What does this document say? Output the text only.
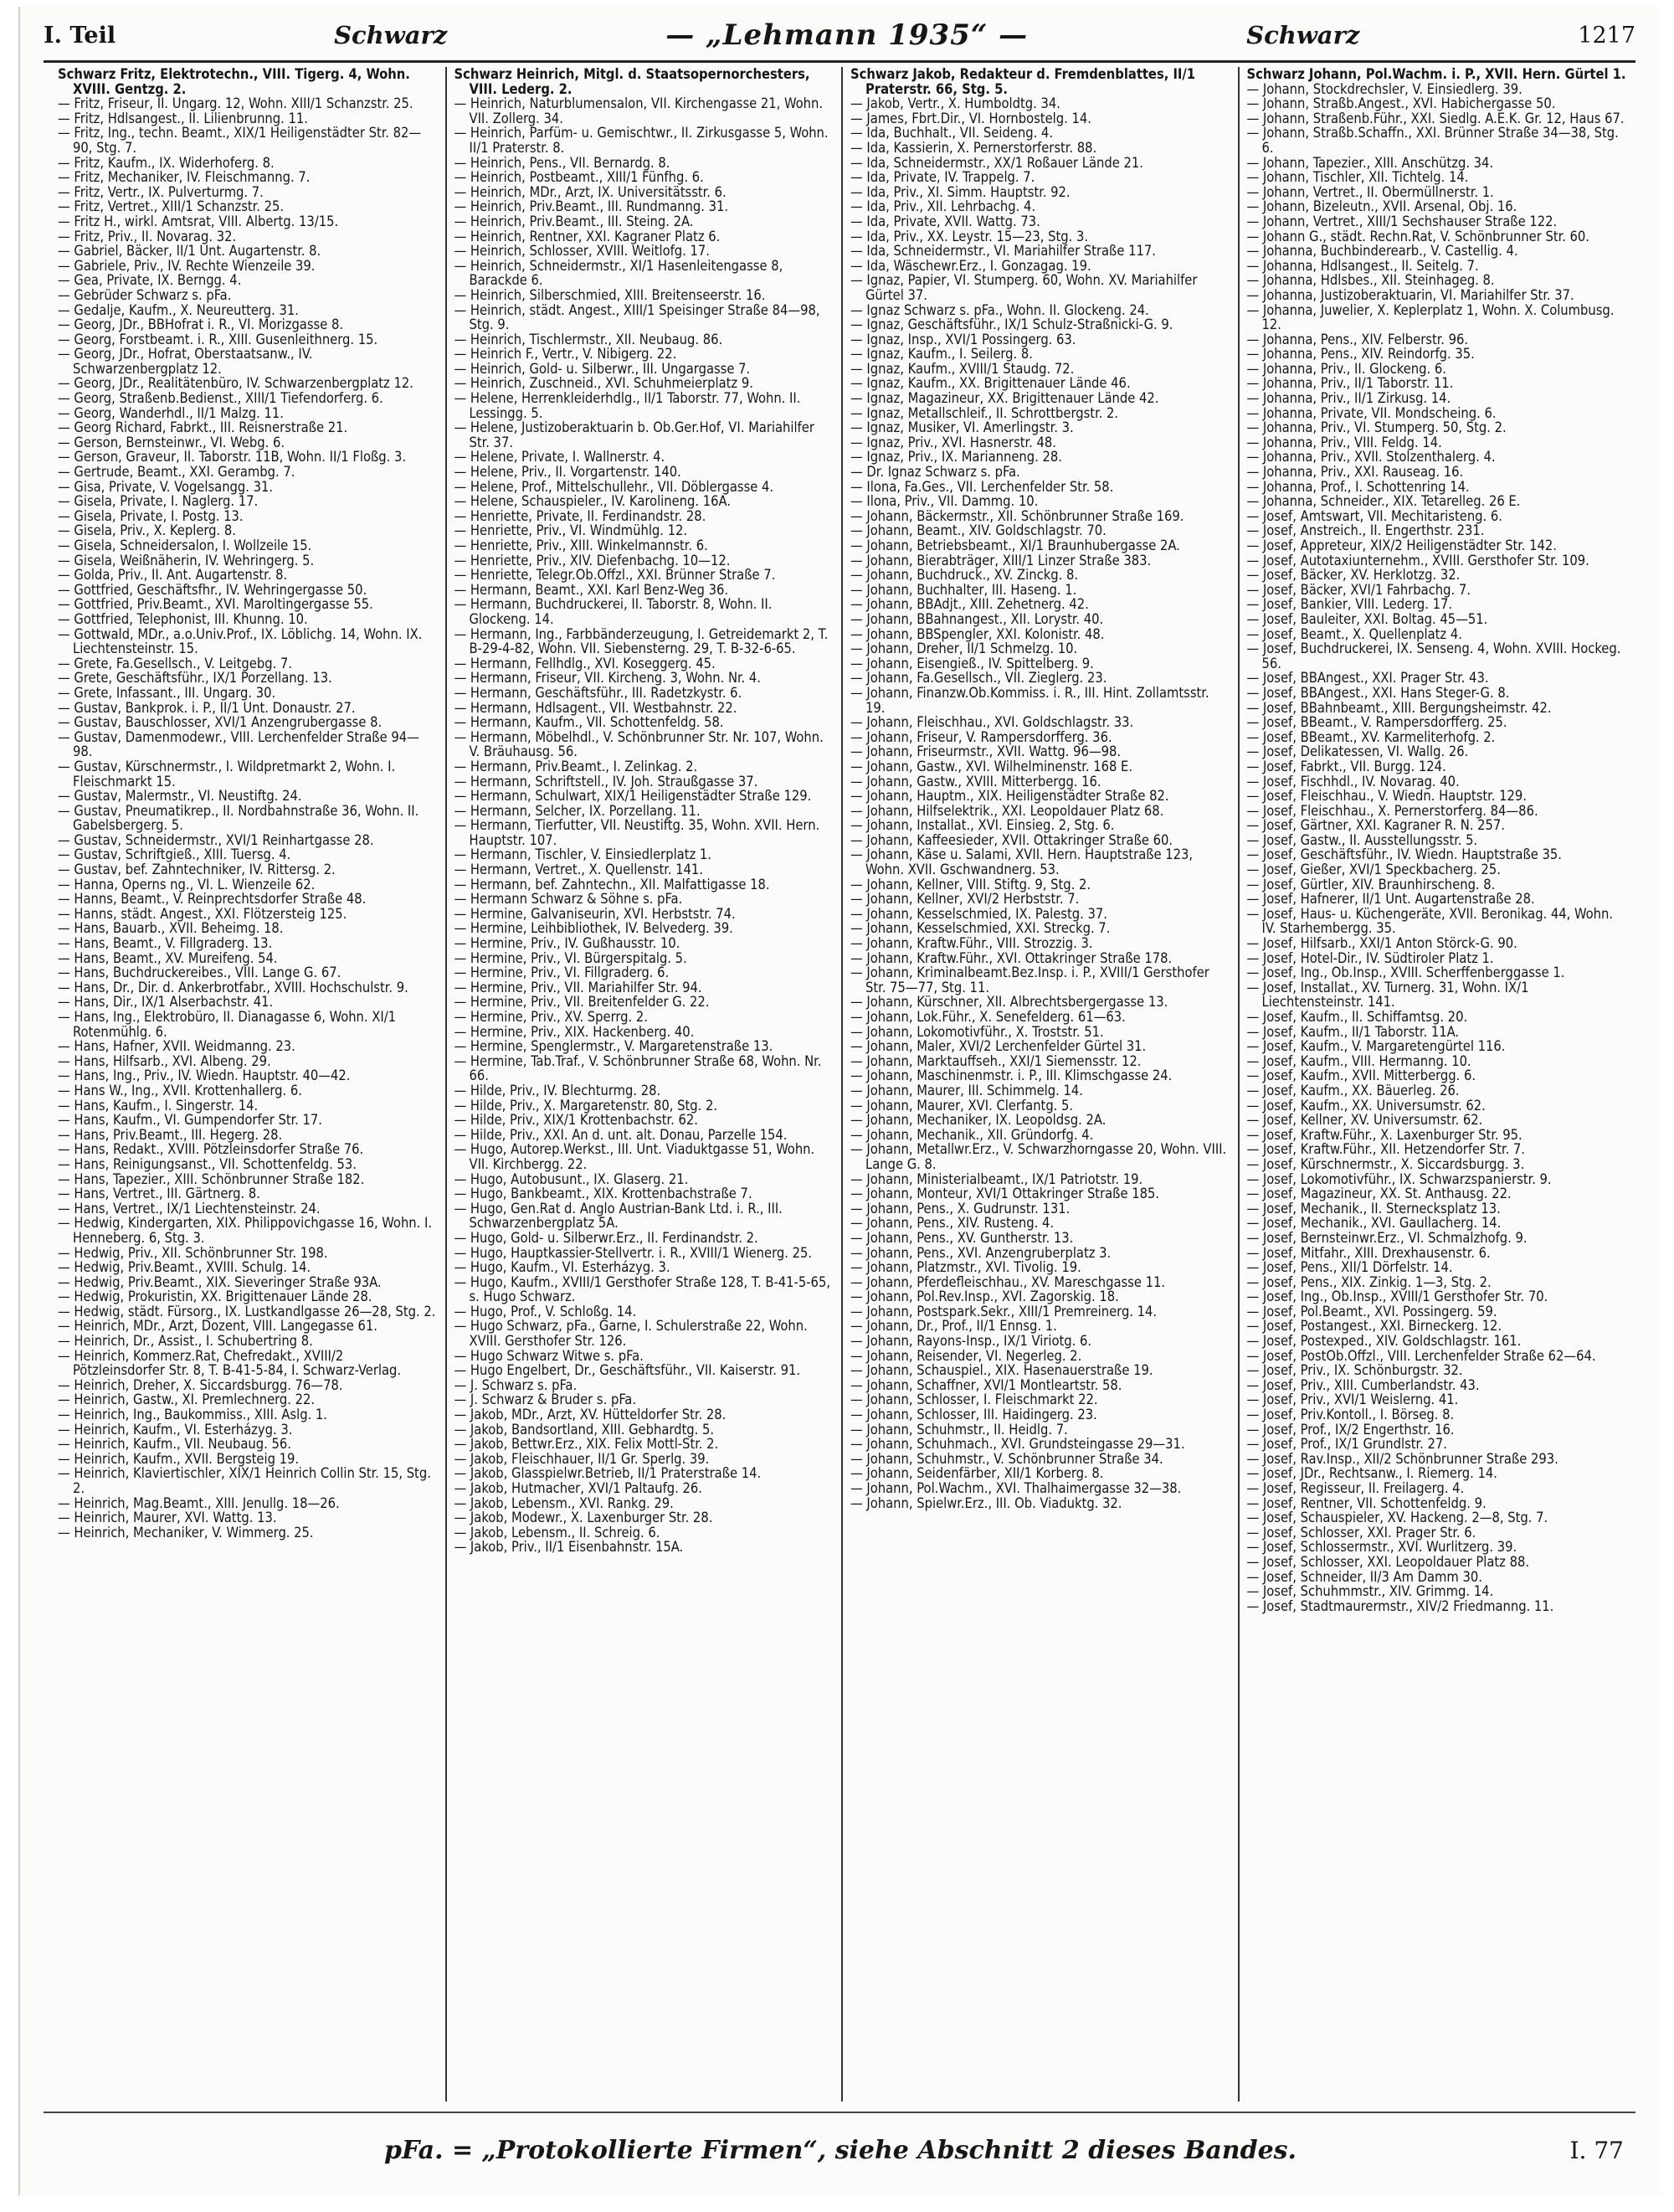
I. Teil	Schwarz	— „Lehmann 1935“ —	Schwarz	1217
Schwarz Fritz, Elektrotechn., VIII. Tigerg. 4, Wohn. XVIII. Gentzg. 2.
— Fritz, Friseur, II. Ungarg. 12, Wohn. XIII/1 Schanzstr. 25.
— Fritz, Hdlsangest., II. Lilienbrunng. 11.
— Fritz, Ing., techn. Beamt., XIX/1 Heiligenstädter Str. 82—90, Stg. 7.
— Fritz, Kaufm., IX. Widerhoferg. 8.
— Fritz, Mechaniker, IV. Fleischmanng. 7.
— Fritz, Vertr., IX. Pulverturmg. 7.
— Fritz, Vertret., XIII/1 Schanzstr. 25.
— Fritz H., wirkl. Amtsrat, VIII. Albertg. 13/15.
— Fritz, Priv., II. Novarag. 32.
— Gabriel, Bäcker, II/1 Unt. Augartenstr. 8.
— Gabriele, Priv., IV. Rechte Wienzeile 39.
— Gea, Private, IX. Berngg. 4.
— Gebrüder Schwarz s. pFa.
— Gedalje, Kaufm., X. Neureutterg. 31.
— Georg, JDr., BBHofrat i. R., VI. Morizgasse 8.
— Georg, Forstbeamt. i. R., XIII. Gusenleithnerg. 15.
— Georg, JDr., Hofrat, Oberstaatsanw., IV. Schwarzenbergplatz 12.
— Georg, JDr., Realitätenbüro, IV. Schwarzenbergplatz 12.
— Georg, Straßenb.Bedienst., XIII/1 Tiefendorferg. 6.
— Georg, Wanderhdl., II/1 Malzg. 11.
— Georg Richard, Fabrkt., III. Reisnerstraße 21.
— Gerson, Bernsteinwr., VI. Webg. 6.
— Gerson, Graveur, II. Taborstr. 11B, Wohn. II/1 Floßg. 3.
— Gertrude, Beamt., XXI. Gerambg. 7.
— Gisa, Private, V. Vogelsangg. 31.
— Gisela, Private, I. Naglerg. 17.
— Gisela, Private, I. Postg. 13.
— Gisela, Priv., X. Keplerg. 8.
— Gisela, Schneidersalon, I. Wollzeile 15.
— Gisela, Weißnäherin, IV. Wehringerg. 5.
— Golda, Priv., II. Ant. Augartenstr. 8.
— Gottfried, Geschäftsfhr., IV. Wehringergasse 50.
— Gottfried, Priv.Beamt., XVI. Maroltingergasse 55.
— Gottfried, Telephonist, III. Khunng. 10.
— Gottwald, MDr., a.o.Univ.Prof., IX. Löblichg. 14, Wohn. IX. Liechtensteinstr. 15.
— Grete, Fa.Gesellsch., V. Leitgebg. 7.
— Grete, Geschäftsführ., IX/1 Porzellang. 13.
— Grete, Infassant., III. Ungarg. 30.
— Gustav, Bankprok. i. P., II/1 Unt. Donaustr. 27.
— Gustav, Bauschlosser, XVI/1 Anzengrubergasse 8.
— Gustav, Damenmodewr., VIII. Lerchenfelder Straße 94—98.
— Gustav, Kürschnermstr., I. Wildpretmarkt 2, Wohn. I. Fleischmarkt 15.
— Gustav, Malermstr., VI. Neustiftg. 24.
— Gustav, Pneumatikrep., II. Nordbahnstraße 36, Wohn. II. Gabelsbergerg. 5.
— Gustav, Schneidermstr., XVI/1 Reinhartgasse 28.
— Gustav, Schriftgieß., XIII. Tuersg. 4.
— Gustav, bef. Zahntechniker, IV. Rittersg. 2.
— Hanna, Operns ng., VI. L. Wienzeile 62.
— Hanns, Beamt., V. Reinprechtsdorfer Straße 48.
— Hanns, städt. Angest., XXI. Flötzersteig 125.
— Hans, Bauarb., XVII. Beheimg. 18.
— Hans, Beamt., V. Fillgraderg. 13.
— Hans, Beamt., XV. Mureifeng. 54.
— Hans, Buchdruckereibes., VIII. Lange G. 67.
— Hans, Dr., Dir. d. Ankerbrotfabr., XVIII. Hochschulstr. 9.
— Hans, Dir., IX/1 Alserbachstr. 41.
— Hans, Ing., Elektrobüro, II. Dianagasse 6, Wohn. XI/1 Rotenmühlg. 6.
— Hans, Hafner, XVII. Weidmanng. 23.
— Hans, Hilfsarb., XVI. Albeng. 29.
— Hans, Ing., Priv., IV. Wiedn. Hauptstr. 40—42.
— Hans W., Ing., XVII. Krottenhallerg. 6.
— Hans, Kaufm., I. Singerstr. 14.
— Hans, Kaufm., VI. Gumpendorfer Str. 17.
— Hans, Priv.Beamt., III. Hegerg. 28.
— Hans, Redakt., XVIII. Pötzleinsdorfer Straße 76.
— Hans, Reinigungsanst., VII. Schottenfeldg. 53.
— Hans, Tapezier., XIII. Schönbrunner Straße 182.
— Hans, Vertret., III. Gärtnerg. 8.
— Hans, Vertret., IX/1 Liechtensteinstr. 24.
— Hedwig, Kindergarten, XIX. Philippovichgasse 16, Wohn. I. Henneberg. 6, Stg. 3.
— Hedwig, Priv., XII. Schönbrunner Str. 198.
— Hedwig, Priv.Beamt., XVIII. Schulg. 14.
— Hedwig, Priv.Beamt., XIX. Sieveringer Straße 93A.
— Hedwig, Prokuristin, XX. Brigittenauer Lände 28.
— Hedwig, städt. Fürsorg., IX. Lustkandlgasse 26—28, Stg. 2.
— Heinrich, MDr., Arzt, Dozent, VIII. Langegasse 61.
— Heinrich, Dr., Assist., I. Schubertring 8.
— Heinrich, Kommerz.Rat, Chefredakt., XVIII/2 Pötzleinsdorfer Str. 8, T. B-41-5-84, I. Schwarz-Verlag.
— Heinrich, Dreher, X. Siccardsburgg. 76—78.
— Heinrich, Gastw., XI. Premlechnerg. 22.
— Heinrich, Ing., Baukommiss., XIII. Aslg. 1.
— Heinrich, Kaufm., VI. Esterházyg. 3.
— Heinrich, Kaufm., VII. Neubaug. 56.
— Heinrich, Kaufm., XVII. Bergsteig 19.
— Heinrich, Klaviertischler, XIX/1 Heinrich Collin Str. 15, Stg. 2.
— Heinrich, Mag.Beamt., XIII. Jenullg. 18—26.
— Heinrich, Maurer, XVI. Wattg. 13.
— Heinrich, Mechaniker, V. Wimmerg. 25.
Schwarz Heinrich, Mitgl. d. Staatsopernorchesters, VIII. Lederg. 2.
— Heinrich, Naturblumensalon, VII. Kirchengasse 21, Wohn. VII. Zollerg. 34.
— Heinrich, Parfüm- u. Gemischtwr., II. Zirkusgasse 5, Wohn. II/1 Praterstr. 8.
— Heinrich, Pens., VII. Bernardg. 8.
— Heinrich, Postbeamt., XIII/1 Fünfhg. 6.
— Heinrich, MDr., Arzt, IX. Universitätsstr. 6.
— Heinrich, Priv.Beamt., III. Rundmanng. 31.
— Heinrich, Priv.Beamt., III. Steing. 2A.
— Heinrich, Rentner, XXI. Kagraner Platz 6.
— Heinrich, Schlosser, XVIII. Weitlofg. 17.
— Heinrich, Schneidermstr., XI/1 Hasenleitengasse 8, Barackde 6.
— Heinrich, Silberschmied, XIII. Breitenseerstr. 16.
— Heinrich, städt. Angest., XIII/1 Speisinger Straße 84—98, Stg. 9.
— Heinrich, Tischlermstr., XII. Neubaug. 86.
— Heinrich F., Vertr., V. Nibigerg. 22.
— Heinrich, Gold- u. Silberwr., III. Ungargasse 7.
— Heinrich, Zuschneid., XVI. Schuhmeierplatz 9.
— Helene, Herrenkleiderhdlg., II/1 Taborstr. 77, Wohn. II. Lessingg. 5.
— Helene, Justizoberaktuarin b. Ob.Ger.Hof, VI. Mariahilfer Str. 37.
— Helene, Private, I. Wallnerstr. 4.
— Helene, Priv., II. Vorgartenstr. 140.
— Helene, Prof., Mittelschullehr., VII. Döblergasse 4.
— Helene, Schauspieler., IV. Karolineng. 16A.
— Henriette, Private, II. Ferdinandstr. 28.
— Henriette, Priv., VI. Windmühlg. 12.
— Henriette, Priv., XIII. Winkelmannstr. 6.
— Henriette, Priv., XIV. Diefenbachg. 10—12.
— Henriette, Telegr.Ob.Offzl., XXI. Brünner Straße 7.
— Hermann, Beamt., XXI. Karl Benz-Weg 36.
— Hermann, Buchdruckerei, II. Taborstr. 8, Wohn. II. Glockeng. 14.
— Hermann, Ing., Farbbänderzeugung, I. Getreidemarkt 2, T. B-29-4-82, Wohn. VII. Siebensterng. 29, T. B-32-6-65.
— Hermann, Fellhdlg., XVI. Koseggerg. 45.
— Hermann, Friseur, VII. Kircheng. 3, Wohn. Nr. 4.
— Hermann, Geschäftsführ., III. Radetzkystr. 6.
— Hermann, Hdlsagent., VII. Westbahnstr. 22.
— Hermann, Kaufm., VII. Schottenfeldg. 58.
— Hermann, Möbelhdl., V. Schönbrunner Str. Nr. 107, Wohn. V. Bräuhausg. 56.
— Hermann, Priv.Beamt., I. Zelinkag. 2.
— Hermann, Schriftstell., IV. Joh. Straußgasse 37.
— Hermann, Schulwart, XIX/1 Heiligenstädter Straße 129.
— Hermann, Selcher, IX. Porzellang. 11.
— Hermann, Tierfutter, VII. Neustiftg. 35, Wohn. XVII. Hern. Hauptstr. 107.
— Hermann, Tischler, V. Einsiedlerplatz 1.
— Hermann, Vertret., X. Quellenstr. 141.
— Hermann, bef. Zahntechn., XII. Malfattigasse 18.
— Hermann Schwarz & Söhne s. pFa.
— Hermine, Galvaniseurin, XVI. Herbststr. 74.
— Hermine, Leihbibliothek, IV. Belvederg. 39.
— Hermine, Priv., IV. Gußhausstr. 10.
— Hermine, Priv., VI. Bürgerspitalg. 5.
— Hermine, Priv., VI. Fillgraderg. 6.
— Hermine, Priv., VII. Mariahilfer Str. 94.
— Hermine, Priv., VII. Breitenfelder G. 22.
— Hermine, Priv., XV. Sperrg. 2.
— Hermine, Priv., XIX. Hackenberg. 40.
— Hermine, Spenglermstr., V. Margaretenstraße 13.
— Hermine, Tab.Traf., V. Schönbrunner Straße 68, Wohn. Nr. 66.
— Hilde, Priv., IV. Blechturmg. 28.
— Hilde, Priv., X. Margaretenstr. 80, Stg. 2.
— Hilde, Priv., XIX/1 Krottenbachstr. 62.
— Hilde, Priv., XXI. An d. unt. alt. Donau, Parzelle 154.
— Hugo, Autorep.Werkst., III. Unt. Viaduktgasse 51, Wohn. VII. Kirchbergg. 22.
— Hugo, Autobusunt., IX. Glaserg. 21.
— Hugo, Bankbeamt., XIX. Krottenbachstraße 7.
— Hugo, Gen.Rat d. Anglo Austrian-Bank Ltd. i. R., III. Schwarzenbergplatz 5A.
— Hugo, Gold- u. Silberwr.Erz., II. Ferdinandstr. 2.
— Hugo, Hauptkassier-Stellvertr. i. R., XVIII/1 Wienerg. 25.
— Hugo, Kaufm., VI. Esterházyg. 3.
— Hugo, Kaufm., XVIII/1 Gersthofer Straße 128, T. B-41-5-65, s. Hugo Schwarz.
— Hugo, Prof., V. Schloßg. 14.
— Hugo Schwarz, pFa., Garne, I. Schulerstraße 22, Wohn. XVIII. Gersthofer Str. 126.
— Hugo Schwarz Witwe s. pFa.
— Hugo Engelbert, Dr., Geschäftsführ., VII. Kaiserstr. 91.
— J. Schwarz s. pFa.
— J. Schwarz & Bruder s. pFa.
— Jakob, MDr., Arzt, XV. Hütteldorfer Str. 28.
— Jakob, Bandsortland, XIII. Gebhardtg. 5.
— Jakob, Bettwr.Erz., XIX. Felix Mottl-Str. 2.
— Jakob, Fleischhauer, II/1 Gr. Sperlg. 39.
— Jakob, Glasspielwr.Betrieb, II/1 Praterstraße 14.
— Jakob, Hutmacher, XVI/1 Paltaufg. 26.
— Jakob, Lebensm., XVI. Rankg. 29.
— Jakob, Modewr., X. Laxenburger Str. 28.
— Jakob, Lebensm., II. Schreig. 6.
— Jakob, Priv., II/1 Eisenbahnstr. 15A.
Schwarz Jakob, Redakteur d. Fremdenblattes, II/1 Praterstr. 66, Stg. 5.
— Jakob, Vertr., X. Humboldtg. 34.
— James, Fbrt.Dir., VI. Hornbostelg. 14.
— Ida, Buchhalt., VII. Seideng. 4.
— Ida, Kassierin, X. Pernerstorferstr. 88.
— Ida, Schneidermstr., XX/1 Roßauer Lände 21.
— Ida, Private, IV. Trappelg. 7.
— Ida, Priv., XI. Simm. Hauptstr. 92.
— Ida, Priv., XII. Lehrbachg. 4.
— Ida, Private, XVII. Wattg. 73.
— Ida, Priv., XX. Leystr. 15—23, Stg. 3.
— Ida, Schneidermstr., VI. Mariahilfer Straße 117.
— Ida, Wäschewr.Erz., I. Gonzagag. 19.
— Ignaz, Papier, VI. Stumperg. 60, Wohn. XV. Mariahilfer Gürtel 37.
— Ignaz Schwarz s. pFa., Wohn. II. Glockeng. 24.
— Ignaz, Geschäftsführ., IX/1 Schulz-Straßnicki-G. 9.
— Ignaz, Insp., XVI/1 Possingerg. 63.
— Ignaz, Kaufm., I. Seilerg. 8.
— Ignaz, Kaufm., XVIII/1 Staudg. 72.
— Ignaz, Kaufm., XX. Brigittenauer Lände 46.
— Ignaz, Magazineur, XX. Brigittenauer Lände 42.
— Ignaz, Metallschleif., II. Schrottbergstr. 2.
— Ignaz, Musiker, VI. Amerlingstr. 3.
— Ignaz, Priv., XVI. Hasnerstr. 48.
— Ignaz, Priv., IX. Marianneng. 28.
— Dr. Ignaz Schwarz s. pFa.
— Ilona, Fa.Ges., VII. Lerchenfelder Str. 58.
— Ilona, Priv., VII. Dammg. 10.
— Johann, Bäckermstr., XII. Schönbrunner Straße 169.
— Johann, Beamt., XIV. Goldschlagstr. 70.
— Johann, Betriebsbeamt., XI/1 Braunhubergasse 2A.
— Johann, Bierabträger, XIII/1 Linzer Straße 383.
— Johann, Buchdruck., XV. Zinckg. 8.
— Johann, Buchhalter, III. Haseng. 1.
— Johann, BBAdjt., XIII. Zehetnerg. 42.
— Johann, BBahnangest., XII. Lorystr. 40.
— Johann, BBSpengler, XXI. Kolonistr. 48.
— Johann, Dreher, II/1 Schmelzg. 10.
— Johann, Eisengieß., IV. Spittelberg. 9.
— Johann, Fa.Gesellsch., VII. Zieglerg. 23.
— Johann, Finanzw.Ob.Kommiss. i. R., III. Hint. Zollamtsstr. 19.
— Johann, Fleischhau., XVI. Goldschlagstr. 33.
— Johann, Friseur, V. Rampersdorfferg. 36.
— Johann, Friseurmstr., XVII. Wattg. 96—98.
— Johann, Gastw., XVI. Wilhelminenstr. 168 E.
— Johann, Gastw., XVIII. Mitterbergg. 16.
— Johann, Hauptm., XIX. Heiligenstädter Straße 82.
— Johann, Hilfselektrik., XXI. Leopoldauer Platz 68.
— Johann, Installat., XVI. Einsieg. 2, Stg. 6.
— Johann, Kaffeesieder, XVII. Ottakringer Straße 60.
— Johann, Käse u. Salami, XVII. Hern. Hauptstraße 123, Wohn. XVII. Gschwandnerg. 53.
— Johann, Kellner, VIII. Stiftg. 9, Stg. 2.
— Johann, Kellner, XVI/2 Herbststr. 7.
— Johann, Kesselschmied, IX. Palestg. 37.
— Johann, Kesselschmied, XXI. Streckg. 7.
— Johann, Kraftw.Führ., VIII. Strozzig. 3.
— Johann, Kraftw.Führ., XVI. Ottakringer Straße 178.
— Johann, Kriminalbeamt.Bez.Insp. i. P., XVIII/1 Gersthofer Str. 75—77, Stg. 11.
— Johann, Kürschner, XII. Albrechtsbergergasse 13.
— Johann, Lok.Führ., X. Senefelderg. 61—63.
— Johann, Lokomotivführ., X. Troststr. 51.
— Johann, Maler, XVI/2 Lerchenfelder Gürtel 31.
— Johann, Marktauffseh., XXI/1 Siemensstr. 12.
— Johann, Maschinenmstr. i. P., III. Klimschgasse 24.
— Johann, Maurer, III. Schimmelg. 14.
— Johann, Maurer, XVI. Clerfantg. 5.
— Johann, Mechaniker, IX. Leopoldsg. 2A.
— Johann, Mechanik., XII. Gründorfg. 4.
— Johann, Metallwr.Erz., V. Schwarzhorngasse 20, Wohn. VIII. Lange G. 8.
— Johann, Ministerialbeamt., IX/1 Patriotstr. 19.
— Johann, Monteur, XVI/1 Ottakringer Straße 185.
— Johann, Pens., X. Gudrunstr. 131.
— Johann, Pens., XIV. Rusteng. 4.
— Johann, Pens., XV. Guntherstr. 13.
— Johann, Pens., XVI. Anzengruberplatz 3.
— Johann, Platzmstr., XVI. Tivolig. 19.
— Johann, Pferdefleischhau., XV. Mareschgasse 11.
— Johann, Pol.Rev.Insp., XVI. Zagorskig. 18.
— Johann, Postspark.Sekr., XIII/1 Premreinerg. 14.
— Johann, Dr., Prof., II/1 Ennsg. 1.
— Johann, Rayons-Insp., IX/1 Viriotg. 6.
— Johann, Reisender, VI. Negerleg. 2.
— Johann, Schauspiel., XIX. Hasenauerstraße 19.
— Johann, Schaffner, XVI/1 Montleartstr. 58.
— Johann, Schlosser, I. Fleischmarkt 22.
— Johann, Schlosser, III. Haidingerg. 23.
— Johann, Schuhmstr., II. Heidlg. 7.
— Johann, Schuhmach., XVI. Grundsteingasse 29—31.
— Johann, Schuhmstr., V. Schönbrunner Straße 34.
— Johann, Seidenfärber, XII/1 Korberg. 8.
— Johann, Pol.Wachm., XVI. Thalhaimergasse 32—38.
— Johann, Spielwr.Erz., III. Ob. Viaduktg. 32.
Schwarz Johann, Pol.Wachm. i. P., XVII. Hern. Gürtel 1.
— Johann, Stockdrechsler, V. Einsiedlerg. 39.
— Johann, Straßb.Angest., XVI. Habichergasse 50.
— Johann, Straßenb.Führ., XXI. Siedlg. A.E.K. Gr. 12, Haus 67.
— Johann, Straßb.Schaffn., XXI. Brünner Straße 34—38, Stg. 6.
— Johann, Tapezier., XIII. Anschützg. 34.
— Johann, Tischler, XII. Tichtelg. 14.
— Johann, Vertret., II. Obermüllnerstr. 1.
— Johann, Bizeleutn., XVII. Arsenal, Obj. 16.
— Johann, Vertret., XIII/1 Sechshauser Straße 122.
— Johann G., städt. Rechn.Rat, V. Schönbrunner Str. 60.
— Johanna, Buchbinderearb., V. Castellig. 4.
— Johanna, Hdlsangest., II. Seitelg. 7.
— Johanna, Hdlsbes., XII. Steinhageg. 8.
— Johanna, Justizoberaktuarin, VI. Mariahilfer Str. 37.
— Johanna, Juwelier, X. Keplerplatz 1, Wohn. X. Columbusg. 12.
— Johanna, Pens., XIV. Felberstr. 96.
— Johanna, Pens., XIV. Reindorfg. 35.
— Johanna, Priv., II. Glockeng. 6.
— Johanna, Priv., II/1 Taborstr. 11.
— Johanna, Priv., II/1 Zirkusg. 14.
— Johanna, Private, VII. Mondscheing. 6.
— Johanna, Priv., VI. Stumperg. 50, Stg. 2.
— Johanna, Priv., VIII. Feldg. 14.
— Johanna, Priv., XVII. Stolzenthalerg. 4.
— Johanna, Priv., XXI. Rauseag. 16.
— Johanna, Prof., I. Schottenring 14.
— Johanna, Schneider., XIX. Tetarelleg. 26 E.
— Josef, Amtswart, VII. Mechitaristeng. 6.
— Josef, Anstreich., II. Engerthstr. 231.
— Josef, Appreteur, XIX/2 Heiligenstädter Str. 142.
— Josef, Autotaxiunternehm., XVIII. Gersthofer Str. 109.
— Josef, Bäcker, XV. Herklotzg. 32.
— Josef, Bäcker, XVI/1 Fahrbachg. 7.
— Josef, Bankier, VIII. Lederg. 17.
— Josef, Bauleiter, XXI. Boltag. 45—51.
— Josef, Beamt., X. Quellenplatz 4.
— Josef, Buchdruckerei, IX. Senseng. 4, Wohn. XVIII. Hockeg. 56.
— Josef, BBAngest., XXI. Prager Str. 43.
— Josef, BBAngest., XXI. Hans Steger-G. 8.
— Josef, BBahnbeamt., XIII. Bergungsheimstr. 42.
— Josef, BBeamt., V. Rampersdorfferg. 25.
— Josef, BBeamt., XV. Karmeliterhofg. 2.
— Josef, Delikatessen, VI. Wallg. 26.
— Josef, Fabrkt., VII. Burgg. 124.
— Josef, Fischhdl., IV. Novarag. 40.
— Josef, Fleischhau., V. Wiedn. Hauptstr. 129.
— Josef, Fleischhau., X. Pernerstorferg. 84—86.
— Josef, Gärtner, XXI. Kagraner R. N. 257.
— Josef, Gastw., II. Ausstellungsstr. 5.
— Josef, Geschäftsführ., IV. Wiedn. Hauptstraße 35.
— Josef, Gießer, XVI/1 Speckbacherg. 25.
— Josef, Gürtler, XIV. Braunhirscheng. 8.
— Josef, Hafnerer, II/1 Unt. Augartenstraße 28.
— Josef, Haus- u. Küchengeräte, XVII. Beronikag. 44, Wohn. IV. Starhembergg. 35.
— Josef, Hilfsarb., XXI/1 Anton Störck-G. 90.
— Josef, Hotel-Dir., IV. Südtiroler Platz 1.
— Josef, Ing., Ob.Insp., XVIII. Scherffenberggasse 1.
— Josef, Installat., XV. Turnerg. 31, Wohn. IX/1 Liechtensteinstr. 141.
— Josef, Kaufm., II. Schiffamtsg. 20.
— Josef, Kaufm., II/1 Taborstr. 11A.
— Josef, Kaufm., V. Margaretengürtel 116.
— Josef, Kaufm., VIII. Hermanng. 10.
— Josef, Kaufm., XVII. Mitterbergg. 6.
— Josef, Kaufm., XX. Bäuerleg. 26.
— Josef, Kaufm., XX. Universumstr. 62.
— Josef, Kellner, XV. Universumstr. 62.
— Josef, Kraftw.Führ., X. Laxenburger Str. 95.
— Josef, Kraftw.Führ., XII. Hetzendorfer Str. 7.
— Josef, Kürschnermstr., X. Siccardsburgg. 3.
— Josef, Lokomotivführ., IX. Schwarzspanierstr. 9.
— Josef, Magazineur, XX. St. Anthausg. 22.
— Josef, Mechanik., II. Sternecksplatz 13.
— Josef, Mechanik., XVI. Gaullacherg. 14.
— Josef, Bernsteinwr.Erz., VI. Schmalzhofg. 9.
— Josef, Mitfahr., XIII. Drexhausenstr. 6.
— Josef, Pens., XII/1 Dörfelstr. 14.
— Josef, Pens., XIX. Zinkig. 1—3, Stg. 2.
— Josef, Ing., Ob.Insp., XVIII/1 Gersthofer Str. 70.
— Josef, Pol.Beamt., XVI. Possingerg. 59.
— Josef, Postangest., XXI. Birneckerg. 12.
— Josef, Postexped., XIV. Goldschlagstr. 161.
— Josef, PostOb.Offzl., VIII. Lerchenfelder Straße 62—64.
— Josef, Priv., IX. Schönburgstr. 32.
— Josef, Priv., XIII. Cumberlandstr. 43.
— Josef, Priv., XVI/1 Weislerng. 41.
— Josef, Priv.Kontoll., I. Börseg. 8.
— Josef, Prof., IX/2 Engerthstr. 16.
— Josef, Prof., IX/1 Grundlstr. 27.
— Josef, Rav.Insp., XII/2 Schönbrunner Straße 293.
— Josef, JDr., Rechtsanw., I. Riemerg. 14.
— Josef, Regisseur, II. Freilagerg. 4.
— Josef, Rentner, VII. Schottenfeldg. 9.
— Josef, Schauspieler, XV. Hackeng. 2—8, Stg. 7.
— Josef, Schlosser, XXI. Prager Str. 6.
— Josef, Schlossermstr., XVI. Wurlitzerg. 39.
— Josef, Schlosser, XXI. Leopoldauer Platz 88.
— Josef, Schneider, II/3 Am Damm 30.
— Josef, Schuhmmstr., XIV. Grimmg. 14.
— Josef, Stadtmaurermstr., XIV/2 Friedmanng. 11.
pFa. = „Protokollierte Firmen“, siehe Abschnitt 2 dieses Bandes.	I. 77
